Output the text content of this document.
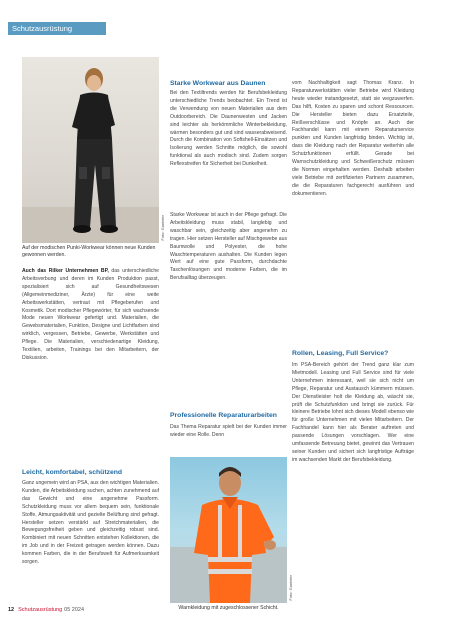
Schutzausrüstung
Foto: Ganteler
Auf der modischen Punki-Workwear können neue Kunden gewonnen werden.

Auch das Rilker Unternehmen BP, das unterschiedliche Arbeitsverbung und deren im Kunden Produktion passt, spezialisiert sich auf Gesundheitswesen (Allgemeinmediziner, Ärzte) für eine weite Arbeitswerkstätten, vertraut mit Pflegeberufen und Kosmetik. Dort modischer Pflegewörter, für sich wachsende Mode neuen Workwear gefertigt und. Materialien, die Gewebsmaterialien, Funktion, Designe und Lichtfarben sind wirklich, vergessen, Betriebe, Gewerbe, Werkstätten und Pflege. Die Materialien, verschiedenartige Kleidung, Textilien, arbeiten, Trainings bei den Mitarbeitern, der Diskussion.

Leicht, komfortabel, schützend

Ganz ungemein wird an PSA, aus den wichtigen Materialien. Kunden, die Arbeitskleidung suchen, achten zunehmend auf das Gewicht und eine angenehme Passform. Schutzkleidung muss vor allem bequem sein, funktionale Stoffe, Atmungsaktivität und gezielte Belüftung sind gefragt. Hersteller setzen verstärkt auf Stretchmaterialien, die Bewegungsfreiheit geben und gleichzeitig robust sind. Kombiniert mit neuen Schnitten entstehen Kollektionen, die im Job und in der Freizeit getragen werden können. Dazu kommen Farben, die in der Berufswelt für Aufmerksamkeit sorgen.

Starke Workwear aus Daunen

Bei den Textiltrends werden für Berufsbekleidung unterschiedliche Trends beobachtet. Ein Trend ist die Verwendung von neuen Materialien aus dem Outdoorbereich. Die Daunenwesten und Jacken sind leichter als herkömmliche Winterbekleidung, wärmen besonders gut und sind wasserabweisend. Durch die Kombination von Softshell-Einsätzen und Isolierung werden Schnitte möglich, die sowohl funktional als auch modisch sind. Zudem sorgen Reflexstreifen für Sicherheit bei Dunkelheit.

Starke Workwear ist auch in der Pflege gefragt. Die Arbeitskleidung muss stabil, langlebig und waschbar sein, gleichzeitig aber angenehm zu tragen. Hier setzen Hersteller auf Mischgewebe aus Baumwolle und Polyester, die hohe Waschtemperaturen aushalten. Die Kunden legen Wert auf eine gute Passform, durchdachte Taschenlösungen und moderne Farben, die im Berufsalltag überzeugen.

Professionelle Reparaturarbeiten

Das Thema Reparatur spielt bei der Kunden immer wieder eine Rolle. Denn

Foto: Ganteler
Warnkleidung mit zugeschlossener Schicht.

vom Nachhaltigkeit sagt Thomas Kranz. In Reparaturwerkstätten vieler Betriebe wird Kleidung heute wieder instandgesetzt, statt sie wegzuwerfen. Das hilft, Kosten zu sparen und schont Ressourcen. Die Hersteller bieten dazu Ersatzteile, Reißverschlüsse und Knöpfe an. Auch der Fachhandel kann mit einem Reparaturservice punkten und Kunden langfristig binden. Wichtig ist, dass die Kleidung nach der Reparatur weiterhin alle Schutzfunktionen erfüllt. Gerade bei Warnschutzkleidung und Schweißerschutz müssen die Normen eingehalten werden. Deshalb arbeiten viele Betriebe mit zertifizierten Partnern zusammen, die die Reparaturen fachgerecht ausführen und dokumentieren.

Rollen, Leasing, Full Service?

Im PSA-Bereich gehört der Trend ganz klar zum Mietmodell. Leasing und Full Service sind für viele Unternehmen interessant, weil sie sich nicht um Pflege, Reparatur und Austausch kümmern müssen. Der Dienstleister holt die Kleidung ab, wäscht sie, prüft die Schutzfunktion und bringt sie zurück. Für kleinere Betriebe lohnt sich dieses Modell ebenso wie für große Unternehmen mit vielen Mitarbeitern. Der Fachhandel kann hier als Berater auftreten und passende Lösungen vorschlagen. Wer eine umfassende Betreuung bietet, gewinnt das Vertrauen seiner Kunden und sichert sich langfristige Aufträge im wachsenden Markt der Berufsbekleidung.

12 Schutzausrüstung 05 2024
